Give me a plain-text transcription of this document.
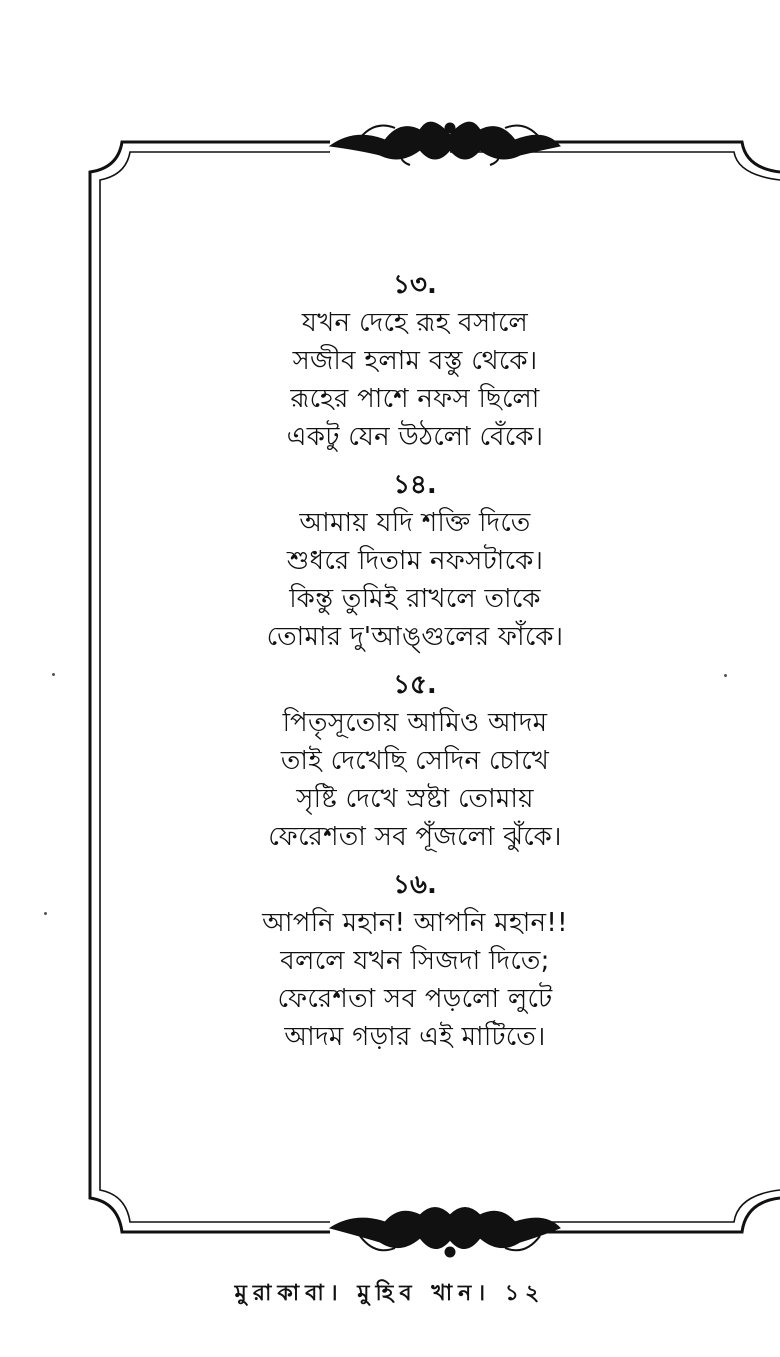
১৩.
যখন দেহে রূহ বসালে
সজীব হলাম বস্তু থেকে।
রূহের পাশে নফস ছিলো
একটু যেন উঠলো বেঁকে।
১৪.
আমায় যদি শক্তি দিতে
শুধরে দিতাম নফসটাকে।
কিন্তু তুমিই রাখলে তাকে
তোমার দু'আঙ্গুলের ফাঁকে।
১৫.
পিতৃসূতোয় আমিও আদম
তাই দেখেছি সেদিন চোখে
সৃষ্টি দেখে স্রষ্টা তোমায়
ফেরেশতা সব পূঁজলো ঝুঁকে।
১৬.
আপনি মহান! আপনি মহান!!
বললে যখন সিজদা দিতে;
ফেরেশতা সব পড়লো লুটে
আদম গড়ার এই মাটিতে।
মুরাকাবা। মুহিব খান। ১২
